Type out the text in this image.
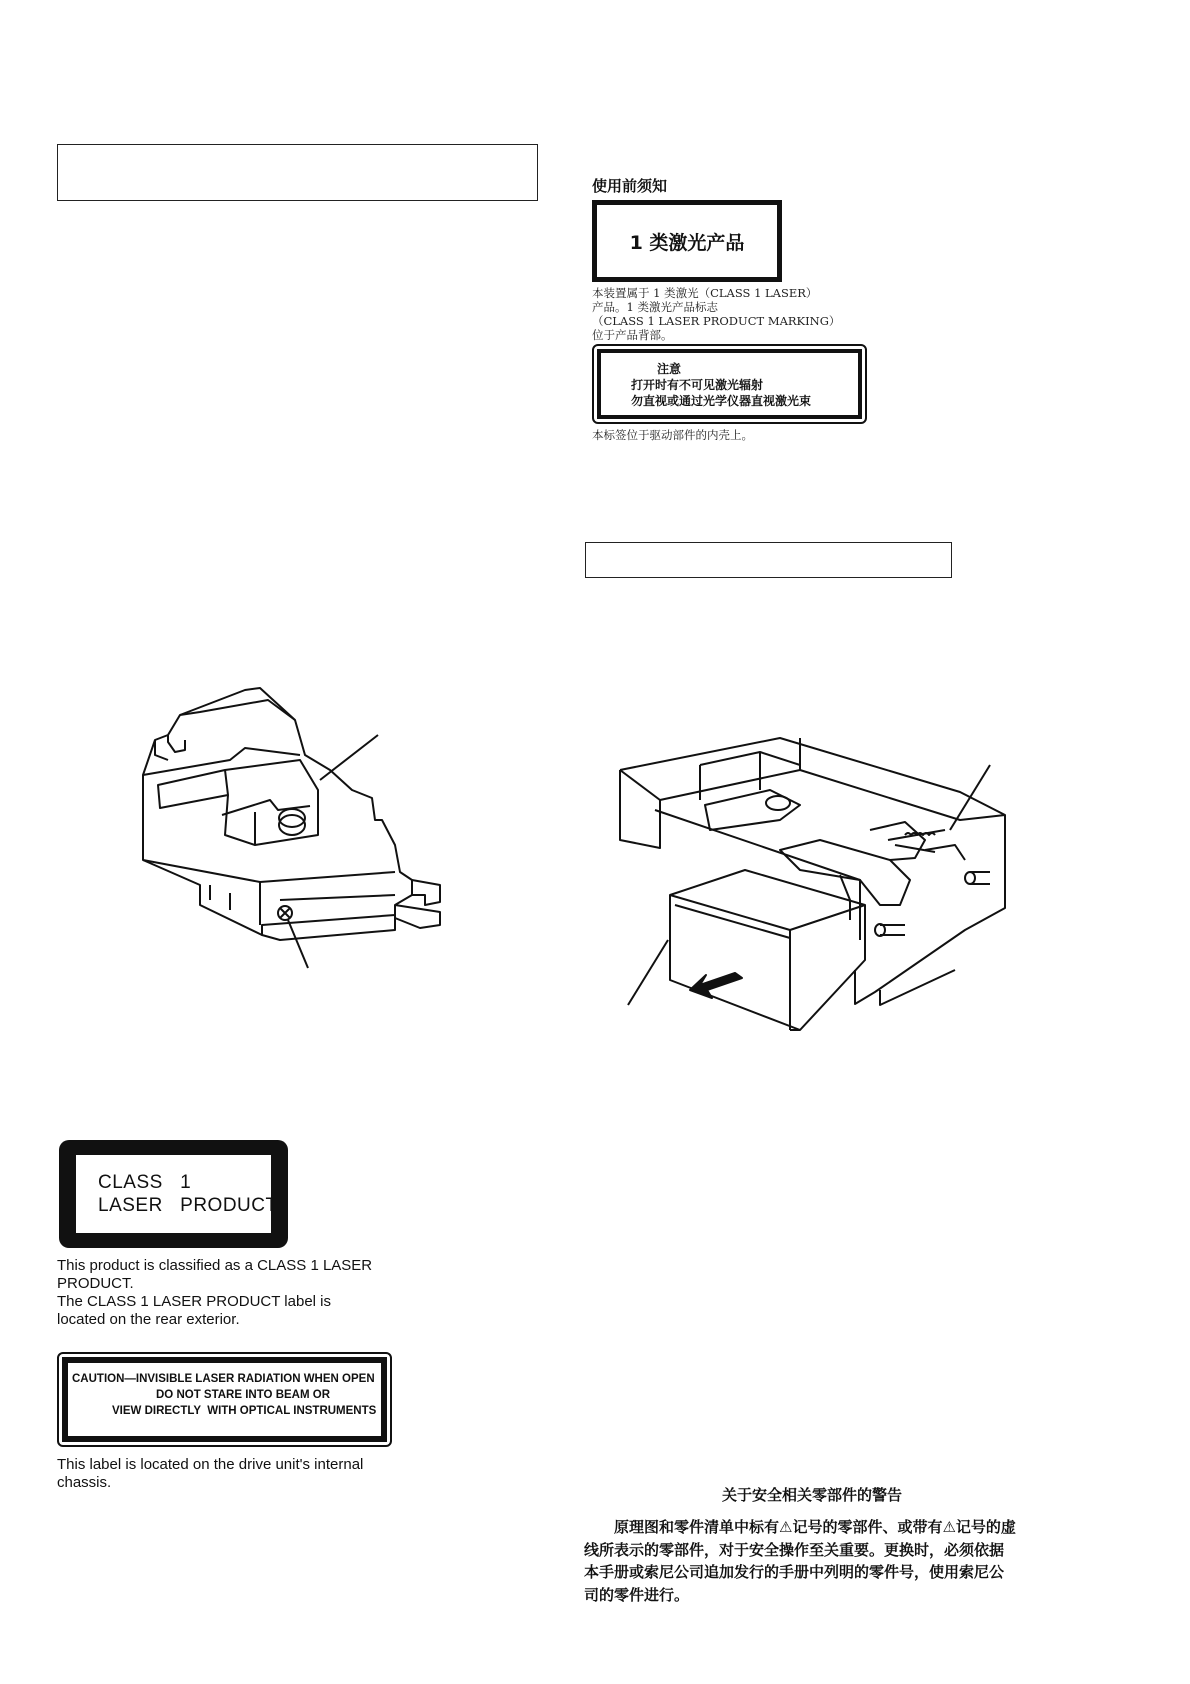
使用前须知
1 类激光产品
本装置属于 1 类激光（CLASS 1 LASER）
产品。1 类激光产品标志
（CLASS 1 LASER PRODUCT MARKING）
位于产品背部。
注意
打开时有不可见激光辐射
勿直视或通过光学仪器直视激光束
本标签位于驱动部件的内壳上。
CLASS   1
LASER   PRODUCT
This product is classified as a CLASS 1 LASER
PRODUCT.
The CLASS 1 LASER PRODUCT label is
located on the rear exterior.
CAUTION—INVISIBLE LASER RADIATION WHEN OPEN
DO NOT STARE INTO BEAM OR
VIEW DIRECTLY  WITH OPTICAL INSTRUMENTS
This label is located on the drive unit's internal
chassis.
关于安全相关零部件的警告
原理图和零件清单中标有⚠记号的零部件、或带有⚠记号的虚
线所表示的零部件，对于安全操作至关重要。更换时，必须依据
本手册或索尼公司追加发行的手册中列明的零件号，使用索尼公
司的零件进行。
